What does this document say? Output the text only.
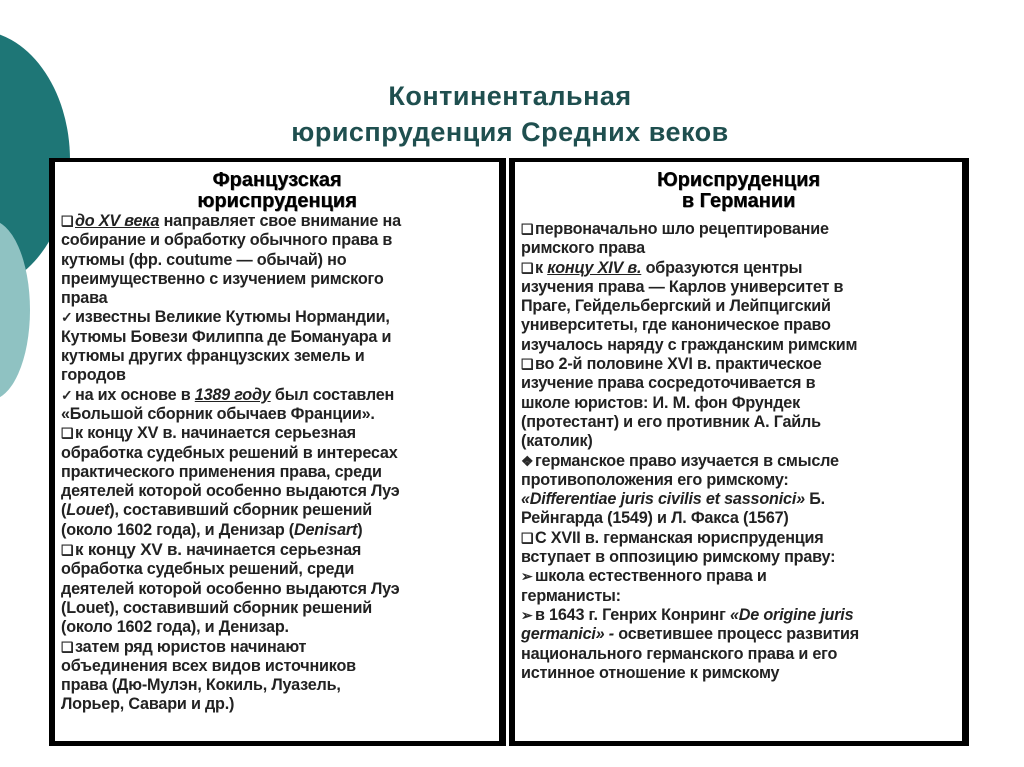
Континентальная
юриспруденция Средних веков
Французская
юриспруденция
❑ до XV века направляет свое внимание на
собирание и обработку обычного права в
кутюмы (фр. coutume — обычай) но
преимущественно с изучением римского
права
✓ известны Великие Кутюмы Нормандии,
Кутюмы Бовези Филиппа де Бомануара и
кутюмы других французских земель и
городов
✓ на их основе в 1389 году был составлен
«Большой сборник обычаев Франции».
❑ к концу XV в. начинается серьезная
обработка судебных решений в интересах
практического применения права, среди
деятелей которой особенно выдаются Луэ
(Louet), составивший сборник решений
(около 1602 года), и Денизар (Denisart)
❑к концу XV в. начинается серьезная
обработка судебных решений, среди
деятелей которой особенно выдаются Луэ
(Louet), составивший сборник решений
(около 1602 года), и Денизар.
❑ затем ряд юристов начинают
объединения всех видов источников
права (Дю-Мулэн, Кокиль, Луазель,
Лорьер, Савари и др.)
Юриспруденция
в Германии
❑ первоначально шло рецептирование
римского права
❑ к концу XIV в. образуются центры
изучения права — Карлов университет в
Праге, Гейдельбергский и Лейпцигский
университеты, где каноническое право
изучалось наряду с гражданским римским
❑ во 2-й половине XVI в. практическое
изучение права сосредоточивается в
школе юристов: И. М. фон Фрундек
(протестант) и его противник А. Гайль
(католик)
❖ германское право изучается в смысле
противоположения его римскому:
«Differentiae juris civilis et sassonici» Б.
Рейнгарда (1549) и Л. Факса (1567)
❑ С XVII в. германская юриспруденция
вступает в оппозицию римскому праву:
➢ школа естественного права и
германисты:
➢ в 1643 г. Генрих Конринг «De origine juris
germanici» - осветившее процесс развития
национального германского права и его
истинное отношение к римскому
